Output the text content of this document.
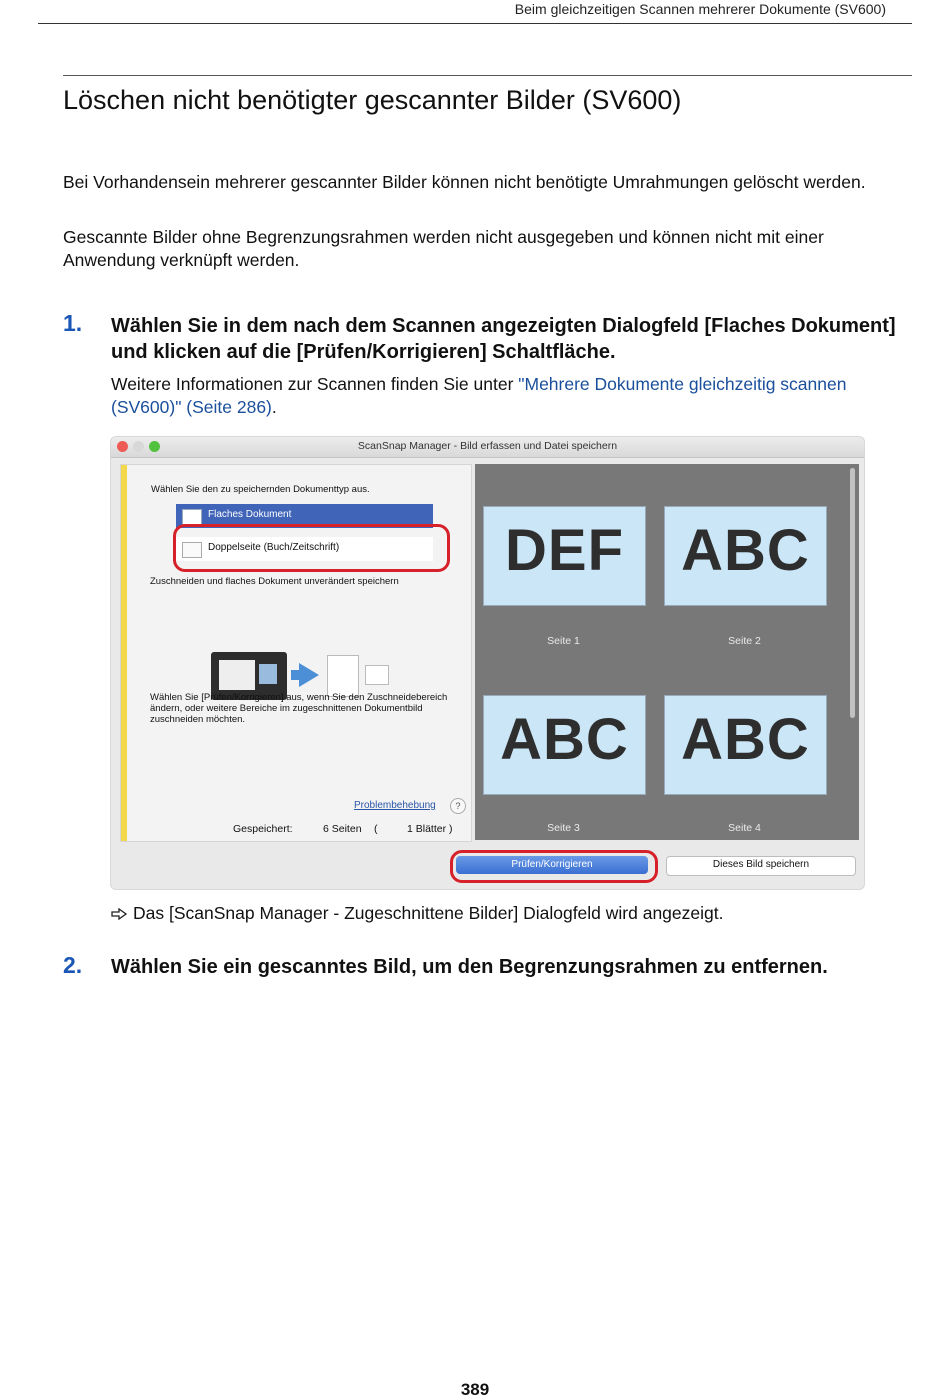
Beim gleichzeitigen Scannen mehrerer Dokumente (SV600)
Löschen nicht benötigter gescannter Bilder (SV600)

Bei Vorhandensein mehrerer gescannter Bilder können nicht benötigte Umrahmungen gelöscht werden.

Gescannte Bilder ohne Begrenzungsrahmen werden nicht ausgegeben und können nicht mit einer Anwendung verknüpft werden.

1. Wählen Sie in dem nach dem Scannen angezeigten Dialogfeld [Flaches Dokument] und klicken auf die [Prüfen/Korrigieren] Schaltfläche.

Weitere Informationen zur Scannen finden Sie unter "Mehrere Dokumente gleichzeitig scannen (SV600)" (Seite 286).

ScanSnap Manager - Bild erfassen und Datei speichern
Wählen Sie den zu speichernden Dokumenttyp aus.
Flaches Dokument
Doppelseite (Buch/Zeitschrift)
Zuschneiden und flaches Dokument unverändert speichern
Wählen Sie [Prüfen/Korrigieren] aus, wenn Sie den Zuschneidebereich
ändern, oder weitere Bereiche im zugeschnittenen Dokumentbild
zuschneiden möchten.
Problembehebung	?
Gespeichert:	6 Seiten (	1 Blätter )
DEF
Seite 1
ABC
Seite 2
ABC
Seite 3
ABC
Seite 4
Prüfen/Korrigieren	Dieses Bild speichern
Das [ScanSnap Manager - Zugeschnittene Bilder] Dialogfeld wird angezeigt.
2. Wählen Sie ein gescanntes Bild, um den Begrenzungsrahmen zu entfernen.

389
